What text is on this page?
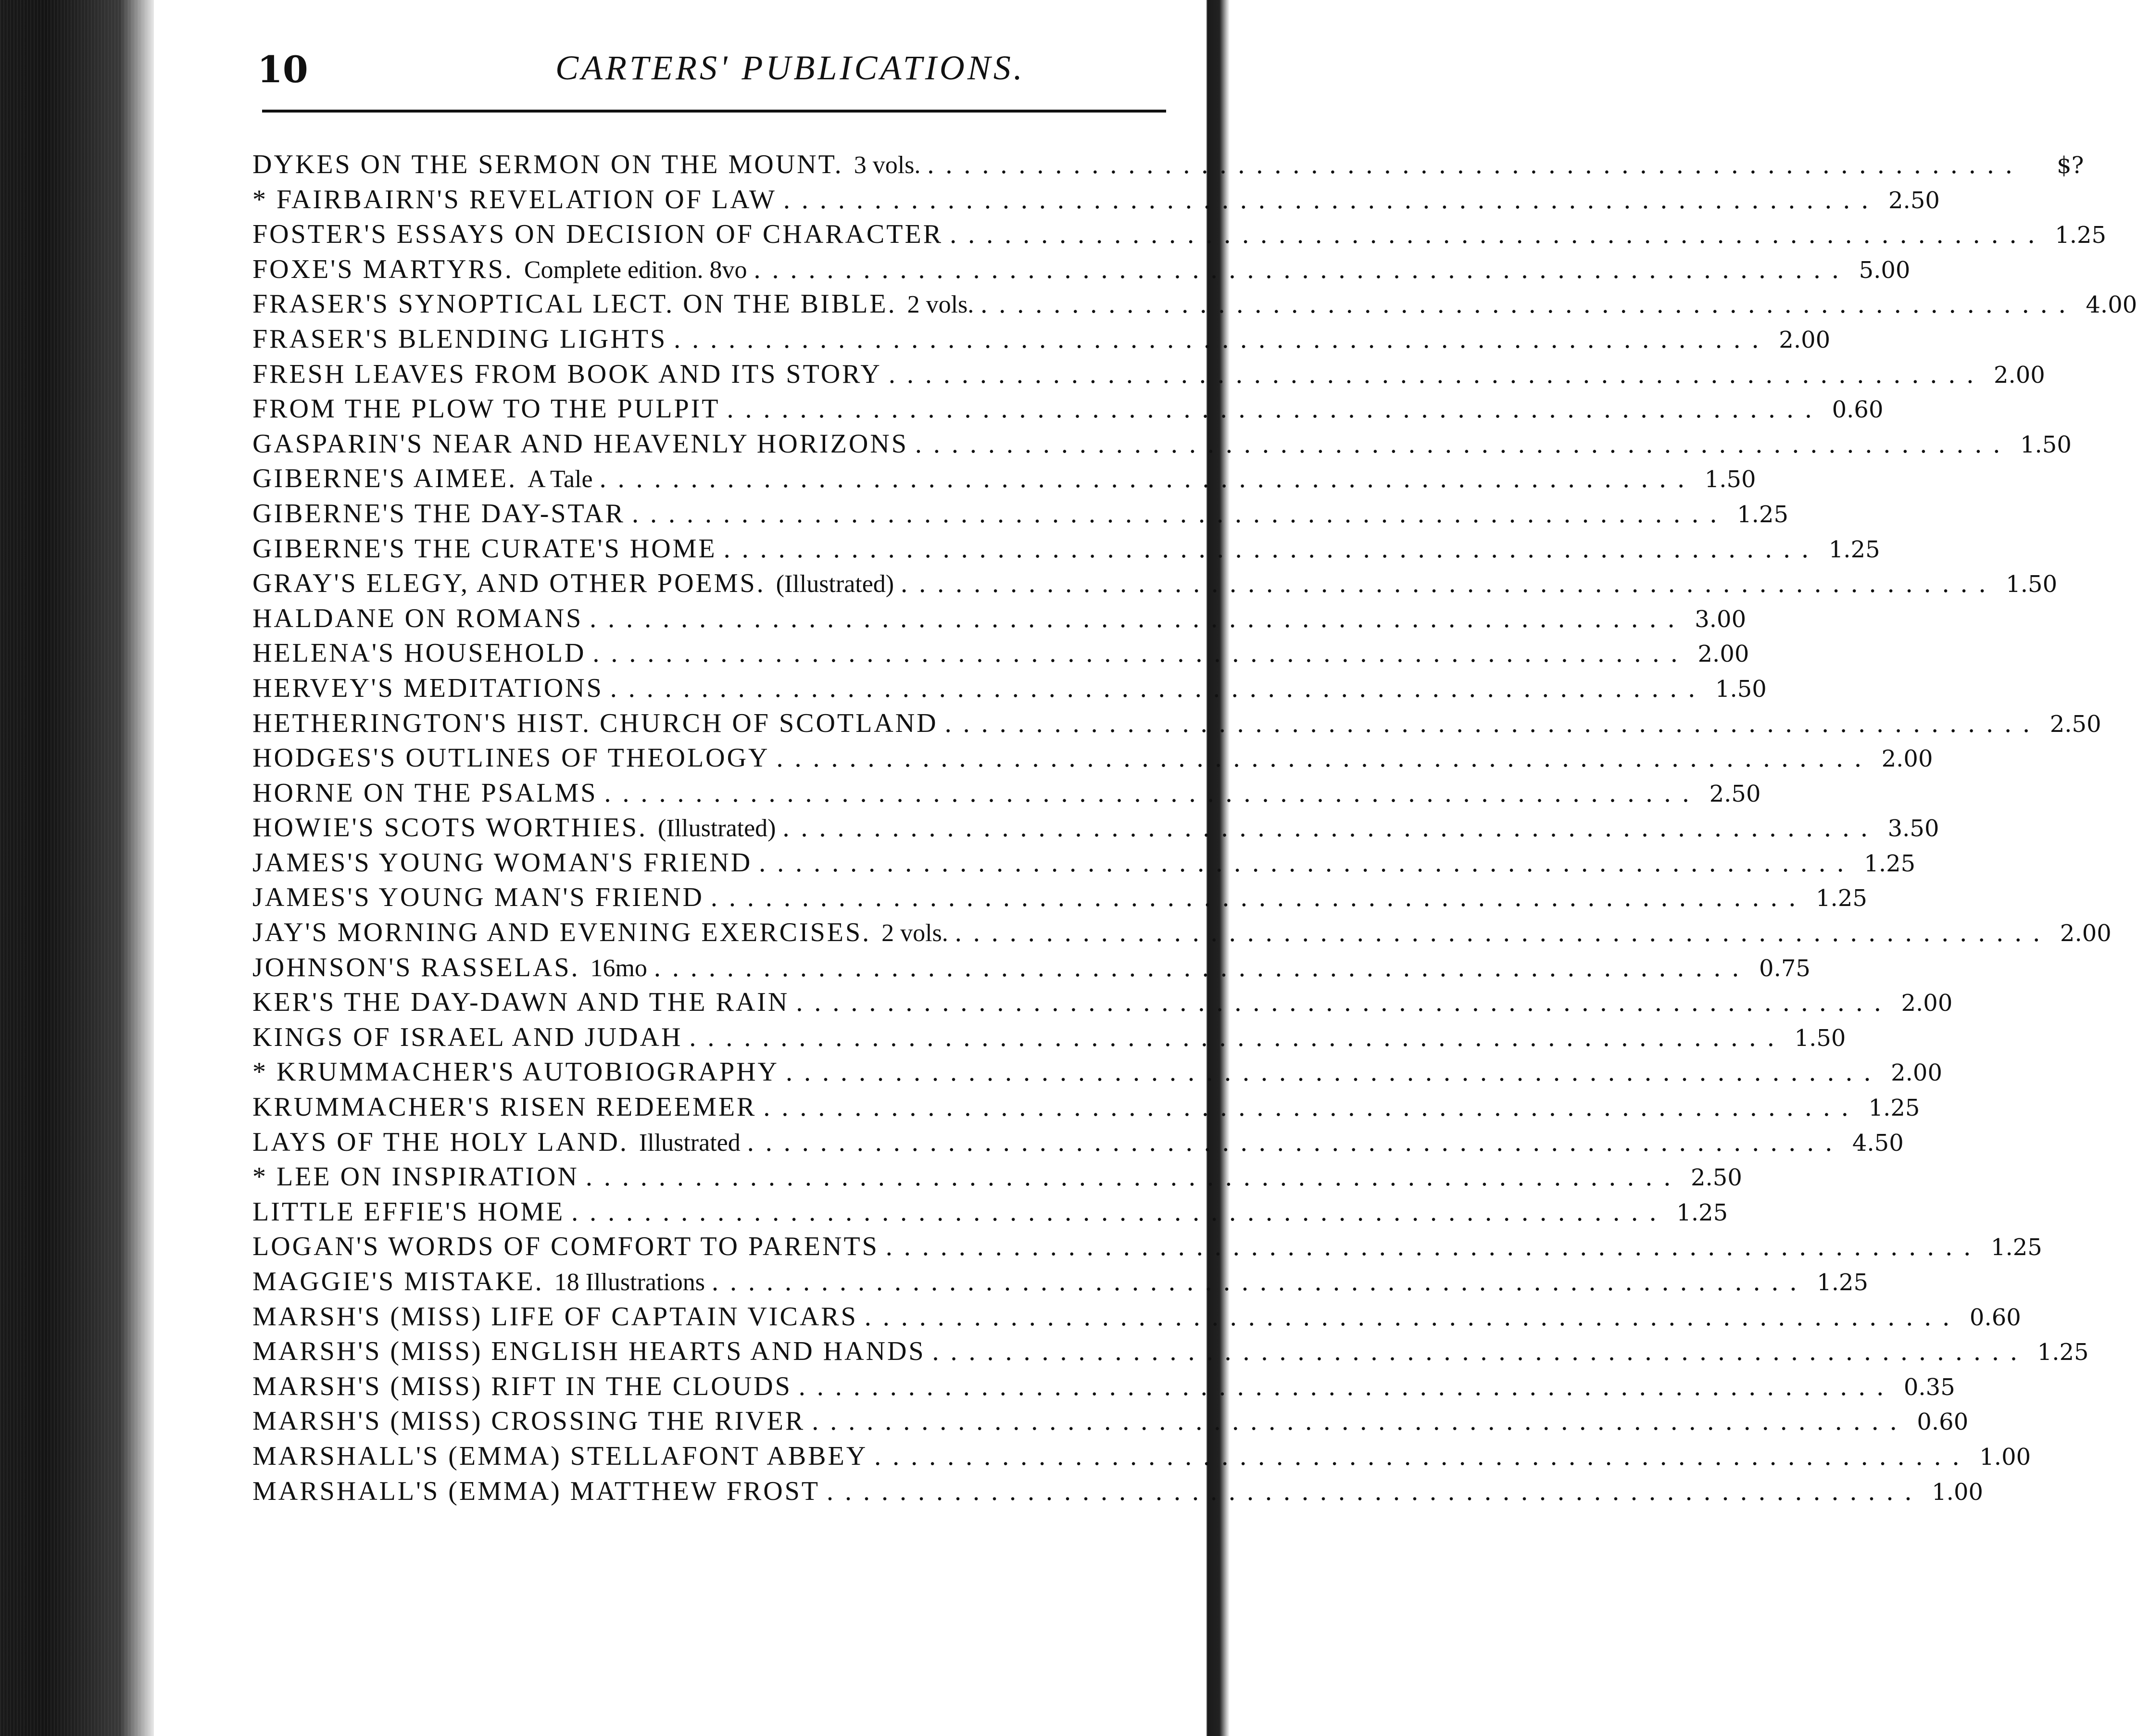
10	CARTERS' PUBLICATIONS.
DYKES ON THE SERMON ON THE MOUNT. 3 vols. ............................................................	$?
* FAIRBAIRN'S REVELATION OF LAW ............................................................ 2.50
FOSTER'S ESSAYS ON DECISION OF CHARACTER ............................................................ 1.25
FOXE'S MARTYRS. Complete edition. 8vo ............................................................ 5.00
FRASER'S SYNOPTICAL LECT. ON THE BIBLE. 2 vols. ............................................................ 4.00
FRASER'S BLENDING LIGHTS ............................................................ 2.00
FRESH LEAVES FROM BOOK AND ITS STORY ............................................................ 2.00
FROM THE PLOW TO THE PULPIT ............................................................ 0.60
GASPARIN'S NEAR AND HEAVENLY HORIZONS ............................................................ 1.50
GIBERNE'S AIMEE. A Tale ............................................................ 1.50
GIBERNE'S THE DAY-STAR ............................................................ 1.25
GIBERNE'S THE CURATE'S HOME ............................................................ 1.25
GRAY'S ELEGY, AND OTHER POEMS. (Illustrated) ............................................................ 1.50
HALDANE ON ROMANS ............................................................ 3.00
HELENA'S HOUSEHOLD ............................................................ 2.00
HERVEY'S MEDITATIONS ............................................................ 1.50
HETHERINGTON'S HIST. CHURCH OF SCOTLAND ............................................................ 2.50
HODGES'S OUTLINES OF THEOLOGY ............................................................ 2.00
HORNE ON THE PSALMS ............................................................ 2.50
HOWIE'S SCOTS WORTHIES. (Illustrated) ............................................................ 3.50
JAMES'S YOUNG WOMAN'S FRIEND ............................................................ 1.25
JAMES'S YOUNG MAN'S FRIEND ............................................................ 1.25
JAY'S MORNING AND EVENING EXERCISES. 2 vols. ............................................................ 2.00
JOHNSON'S RASSELAS. 16mo ............................................................ 0.75
KER'S THE DAY-DAWN AND THE RAIN ............................................................ 2.00
KINGS OF ISRAEL AND JUDAH ............................................................ 1.50
* KRUMMACHER'S AUTOBIOGRAPHY ............................................................ 2.00
KRUMMACHER'S RISEN REDEEMER ............................................................ 1.25
LAYS OF THE HOLY LAND. Illustrated ............................................................ 4.50
* LEE ON INSPIRATION ............................................................ 2.50
LITTLE EFFIE'S HOME ............................................................ 1.25
LOGAN'S WORDS OF COMFORT TO PARENTS ............................................................ 1.25
MAGGIE'S MISTAKE. 18 Illustrations ............................................................ 1.25
MARSH'S (MISS) LIFE OF CAPTAIN VICARS ............................................................ 0.60
MARSH'S (MISS) ENGLISH HEARTS AND HANDS ............................................................ 1.25
MARSH'S (MISS) RIFT IN THE CLOUDS ............................................................ 0.35
MARSH'S (MISS) CROSSING THE RIVER ............................................................ 0.60
MARSHALL'S (EMMA) STELLAFONT ABBEY ............................................................ 1.00
MARSHALL'S (EMMA) MATTHEW FROST ............................................................ 1.00
